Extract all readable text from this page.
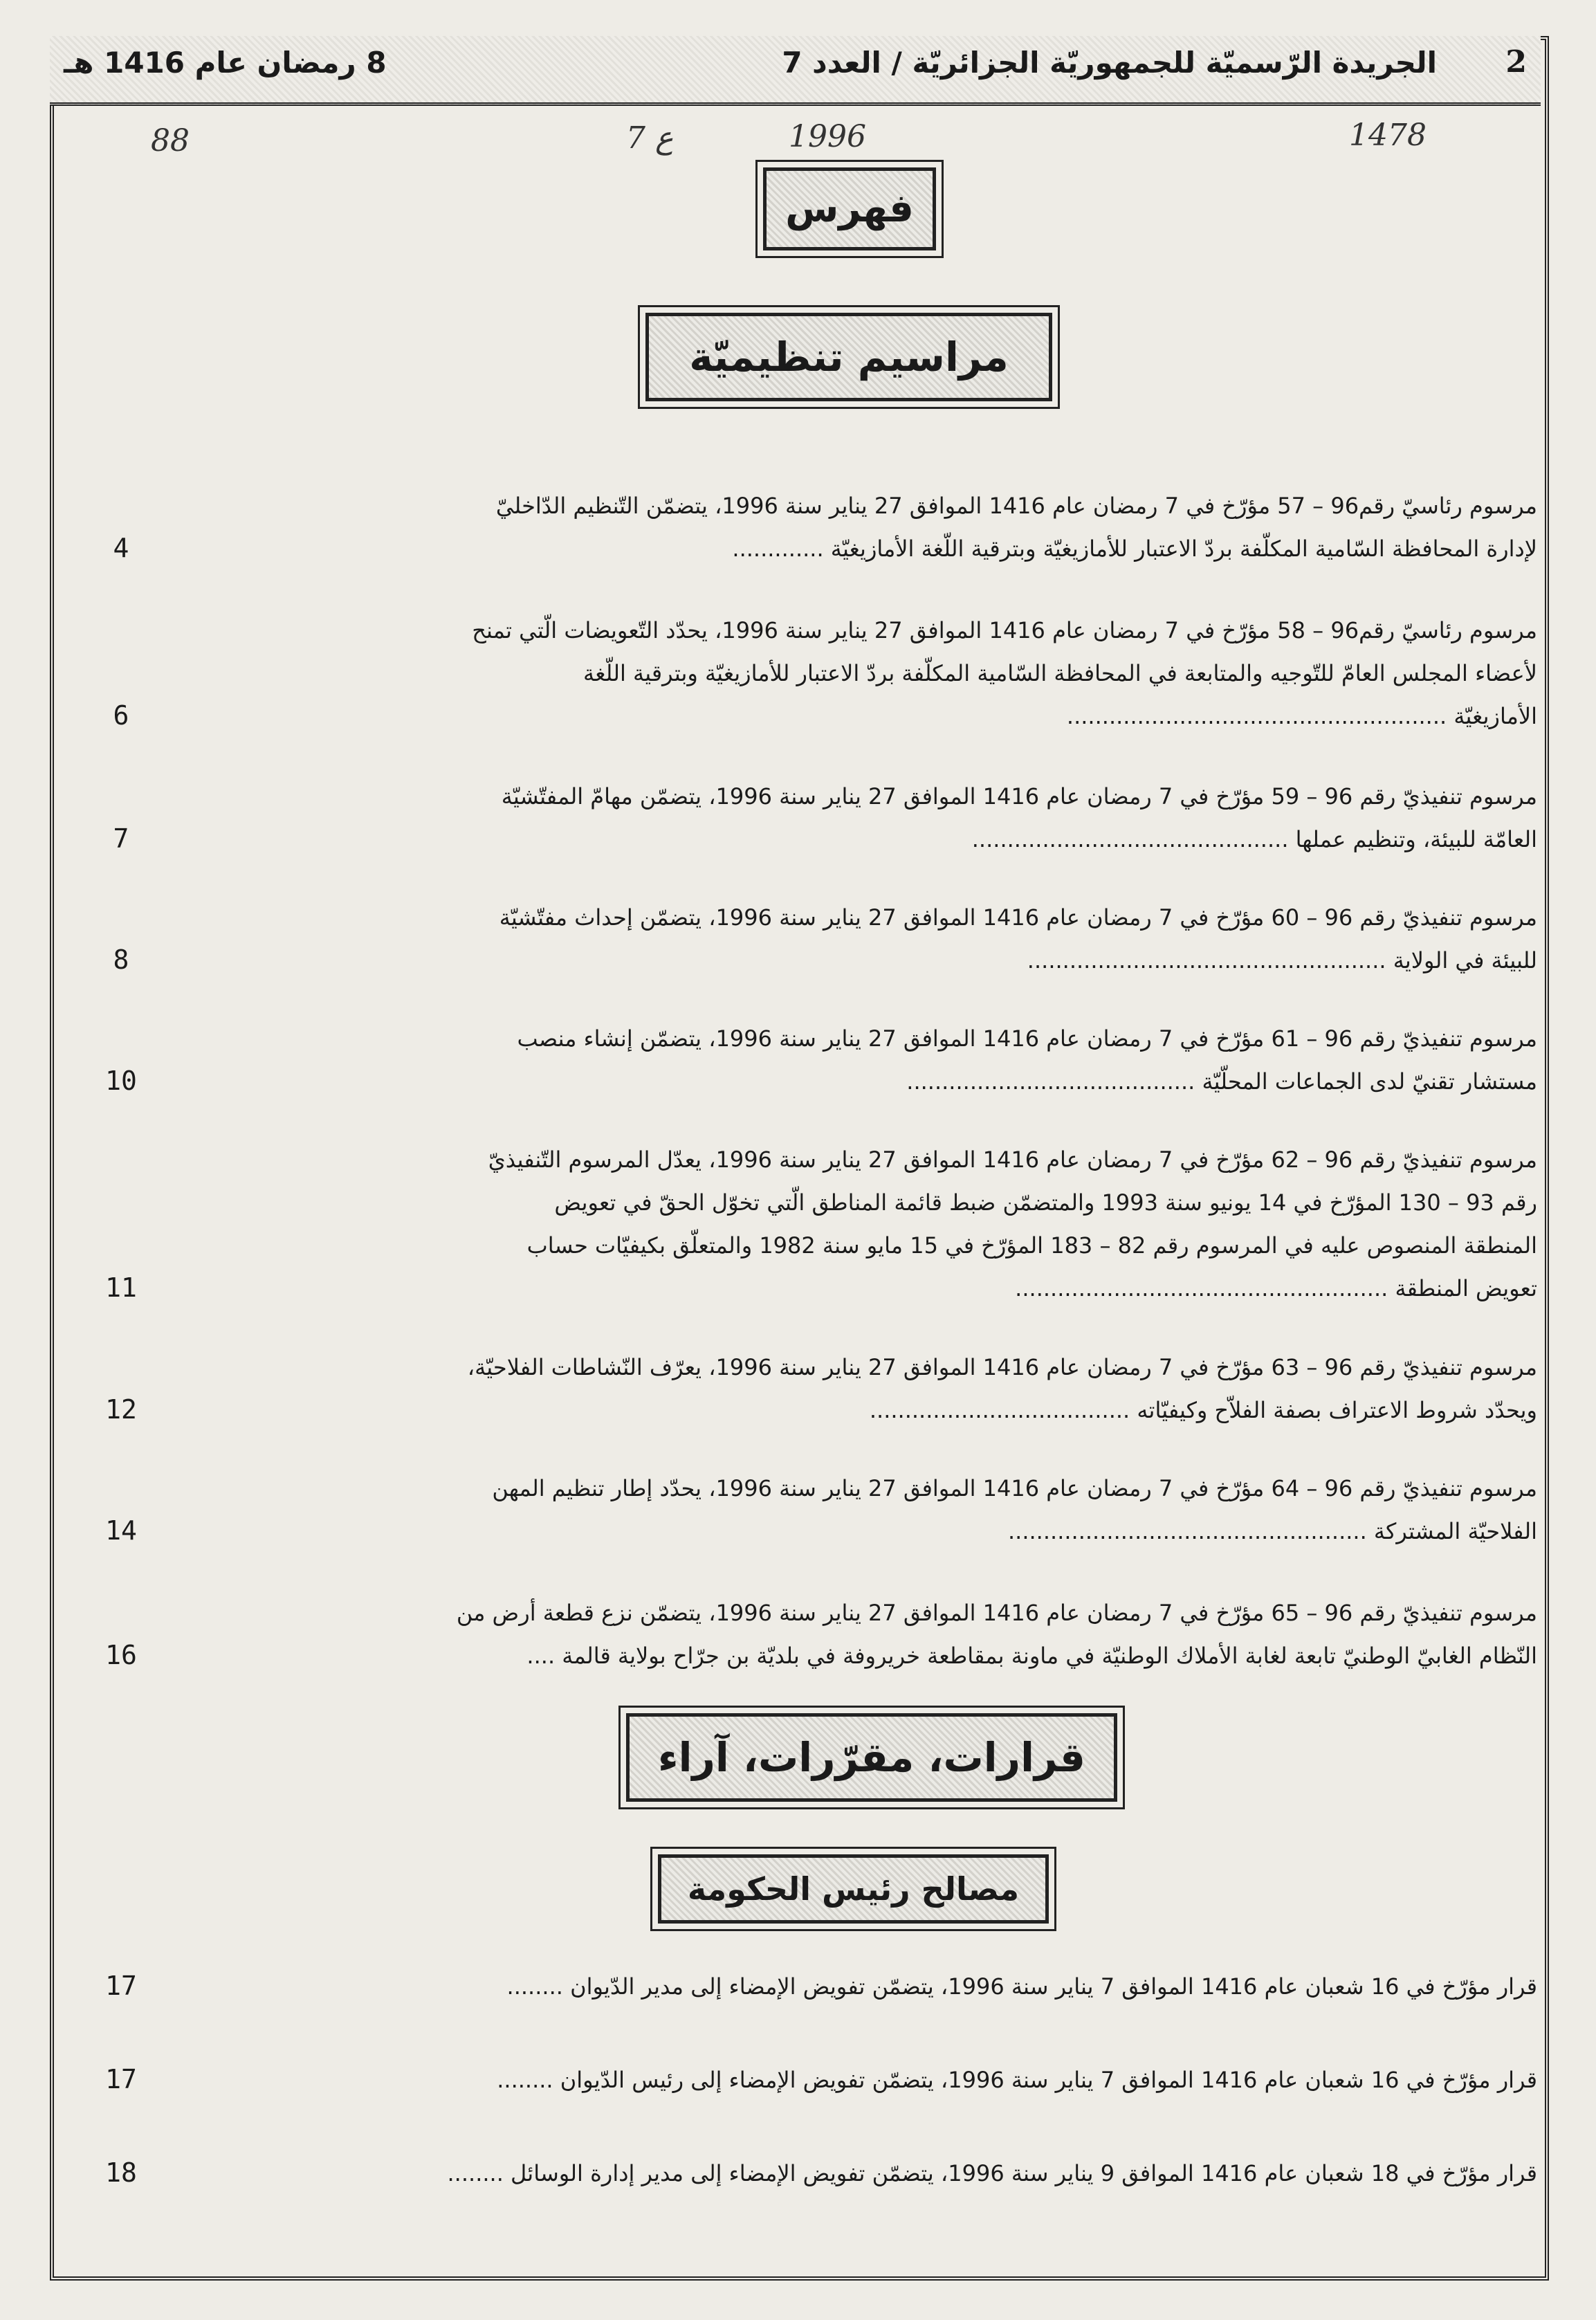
2
الجريدة الرّسميّة للجمهوريّة الجزائريّة / العدد 7
8 رمضان عام 1416 هـ
88	7 ع	1996	1478
فهرس
مراسيم تنظيميّة
مرسوم رئاسيّ رقم96 – 57 مؤرّخ في 7 رمضان عام 1416 الموافق 27 يناير سنة 1996، يتضمّن التّنظيم الدّاخليّ
لإدارة المحافظة السّامية المكلّفة بردّ الاعتبار للأمازيغيّة وبترقية اللّغة الأمازيغيّة .............
4
مرسوم رئاسيّ رقم96 – 58 مؤرّخ في 7 رمضان عام 1416 الموافق 27 يناير سنة 1996، يحدّد التّعويضات الّتي تمنح
لأعضاء المجلس العامّ للتّوجيه والمتابعة في المحافظة السّامية المكلّفة بردّ الاعتبار للأمازيغيّة وبترقية اللّغة
الأمازيغيّة ......................................................
6
مرسوم تنفيذيّ رقم 96 – 59 مؤرّخ في 7 رمضان عام 1416 الموافق 27 يناير سنة 1996، يتضمّن مهامّ المفتّشيّة
العامّة للبيئة، وتنظيم عملها .............................................
7
مرسوم تنفيذيّ رقم 96 – 60 مؤرّخ في 7 رمضان عام 1416 الموافق 27 يناير سنة 1996، يتضمّن إحداث مفتّشيّة
للبيئة في الولاية ...................................................
8
مرسوم تنفيذيّ رقم 96 – 61 مؤرّخ في 7 رمضان عام 1416 الموافق 27 يناير سنة 1996، يتضمّن إنشاء منصب
مستشار تقنيّ لدى الجماعات المحلّيّة .........................................
10
مرسوم تنفيذيّ رقم 96 – 62 مؤرّخ في 7 رمضان عام 1416 الموافق 27 يناير سنة 1996، يعدّل المرسوم التّنفيذيّ
رقم 93 – 130 المؤرّخ في 14 يونيو سنة 1993 والمتضمّن ضبط قائمة المناطق الّتي تخوّل الحقّ في تعويض
المنطقة المنصوص عليه في المرسوم رقم 82 – 183 المؤرّخ في 15 مايو سنة 1982 والمتعلّق بكيفيّات حساب
تعويض المنطقة .....................................................
11
مرسوم تنفيذيّ رقم 96 – 63 مؤرّخ في 7 رمضان عام 1416 الموافق 27 يناير سنة 1996، يعرّف النّشاطات الفلاحيّة،
ويحدّد شروط الاعتراف بصفة الفلاّح وكيفيّاته .....................................
12
مرسوم تنفيذيّ رقم 96 – 64 مؤرّخ في 7 رمضان عام 1416 الموافق 27 يناير سنة 1996، يحدّد إطار تنظيم المهن
الفلاحيّة المشتركة ...................................................
14
مرسوم تنفيذيّ رقم 96 – 65 مؤرّخ في 7 رمضان عام 1416 الموافق 27 يناير سنة 1996، يتضمّن نزع قطعة أرض من
النّظام الغابيّ الوطنيّ تابعة لغابة الأملاك الوطنيّة في ماونة بمقاطعة خريروفة في بلديّة بن جرّاح بولاية قالمة ....
16
قرارات، مقرّرات، آراء
مصالح رئيس الحكومة
قرار مؤرّخ في 16 شعبان عام 1416 الموافق 7 يناير سنة 1996، يتضمّن تفويض الإمضاء إلى مدير الدّيوان ........
17
قرار مؤرّخ في 16 شعبان عام 1416 الموافق 7 يناير سنة 1996، يتضمّن تفويض الإمضاء إلى رئيس الدّيوان ........
17
قرار مؤرّخ في 18 شعبان عام 1416 الموافق 9 يناير سنة 1996، يتضمّن تفويض الإمضاء إلى مدير إدارة الوسائل ........
18
